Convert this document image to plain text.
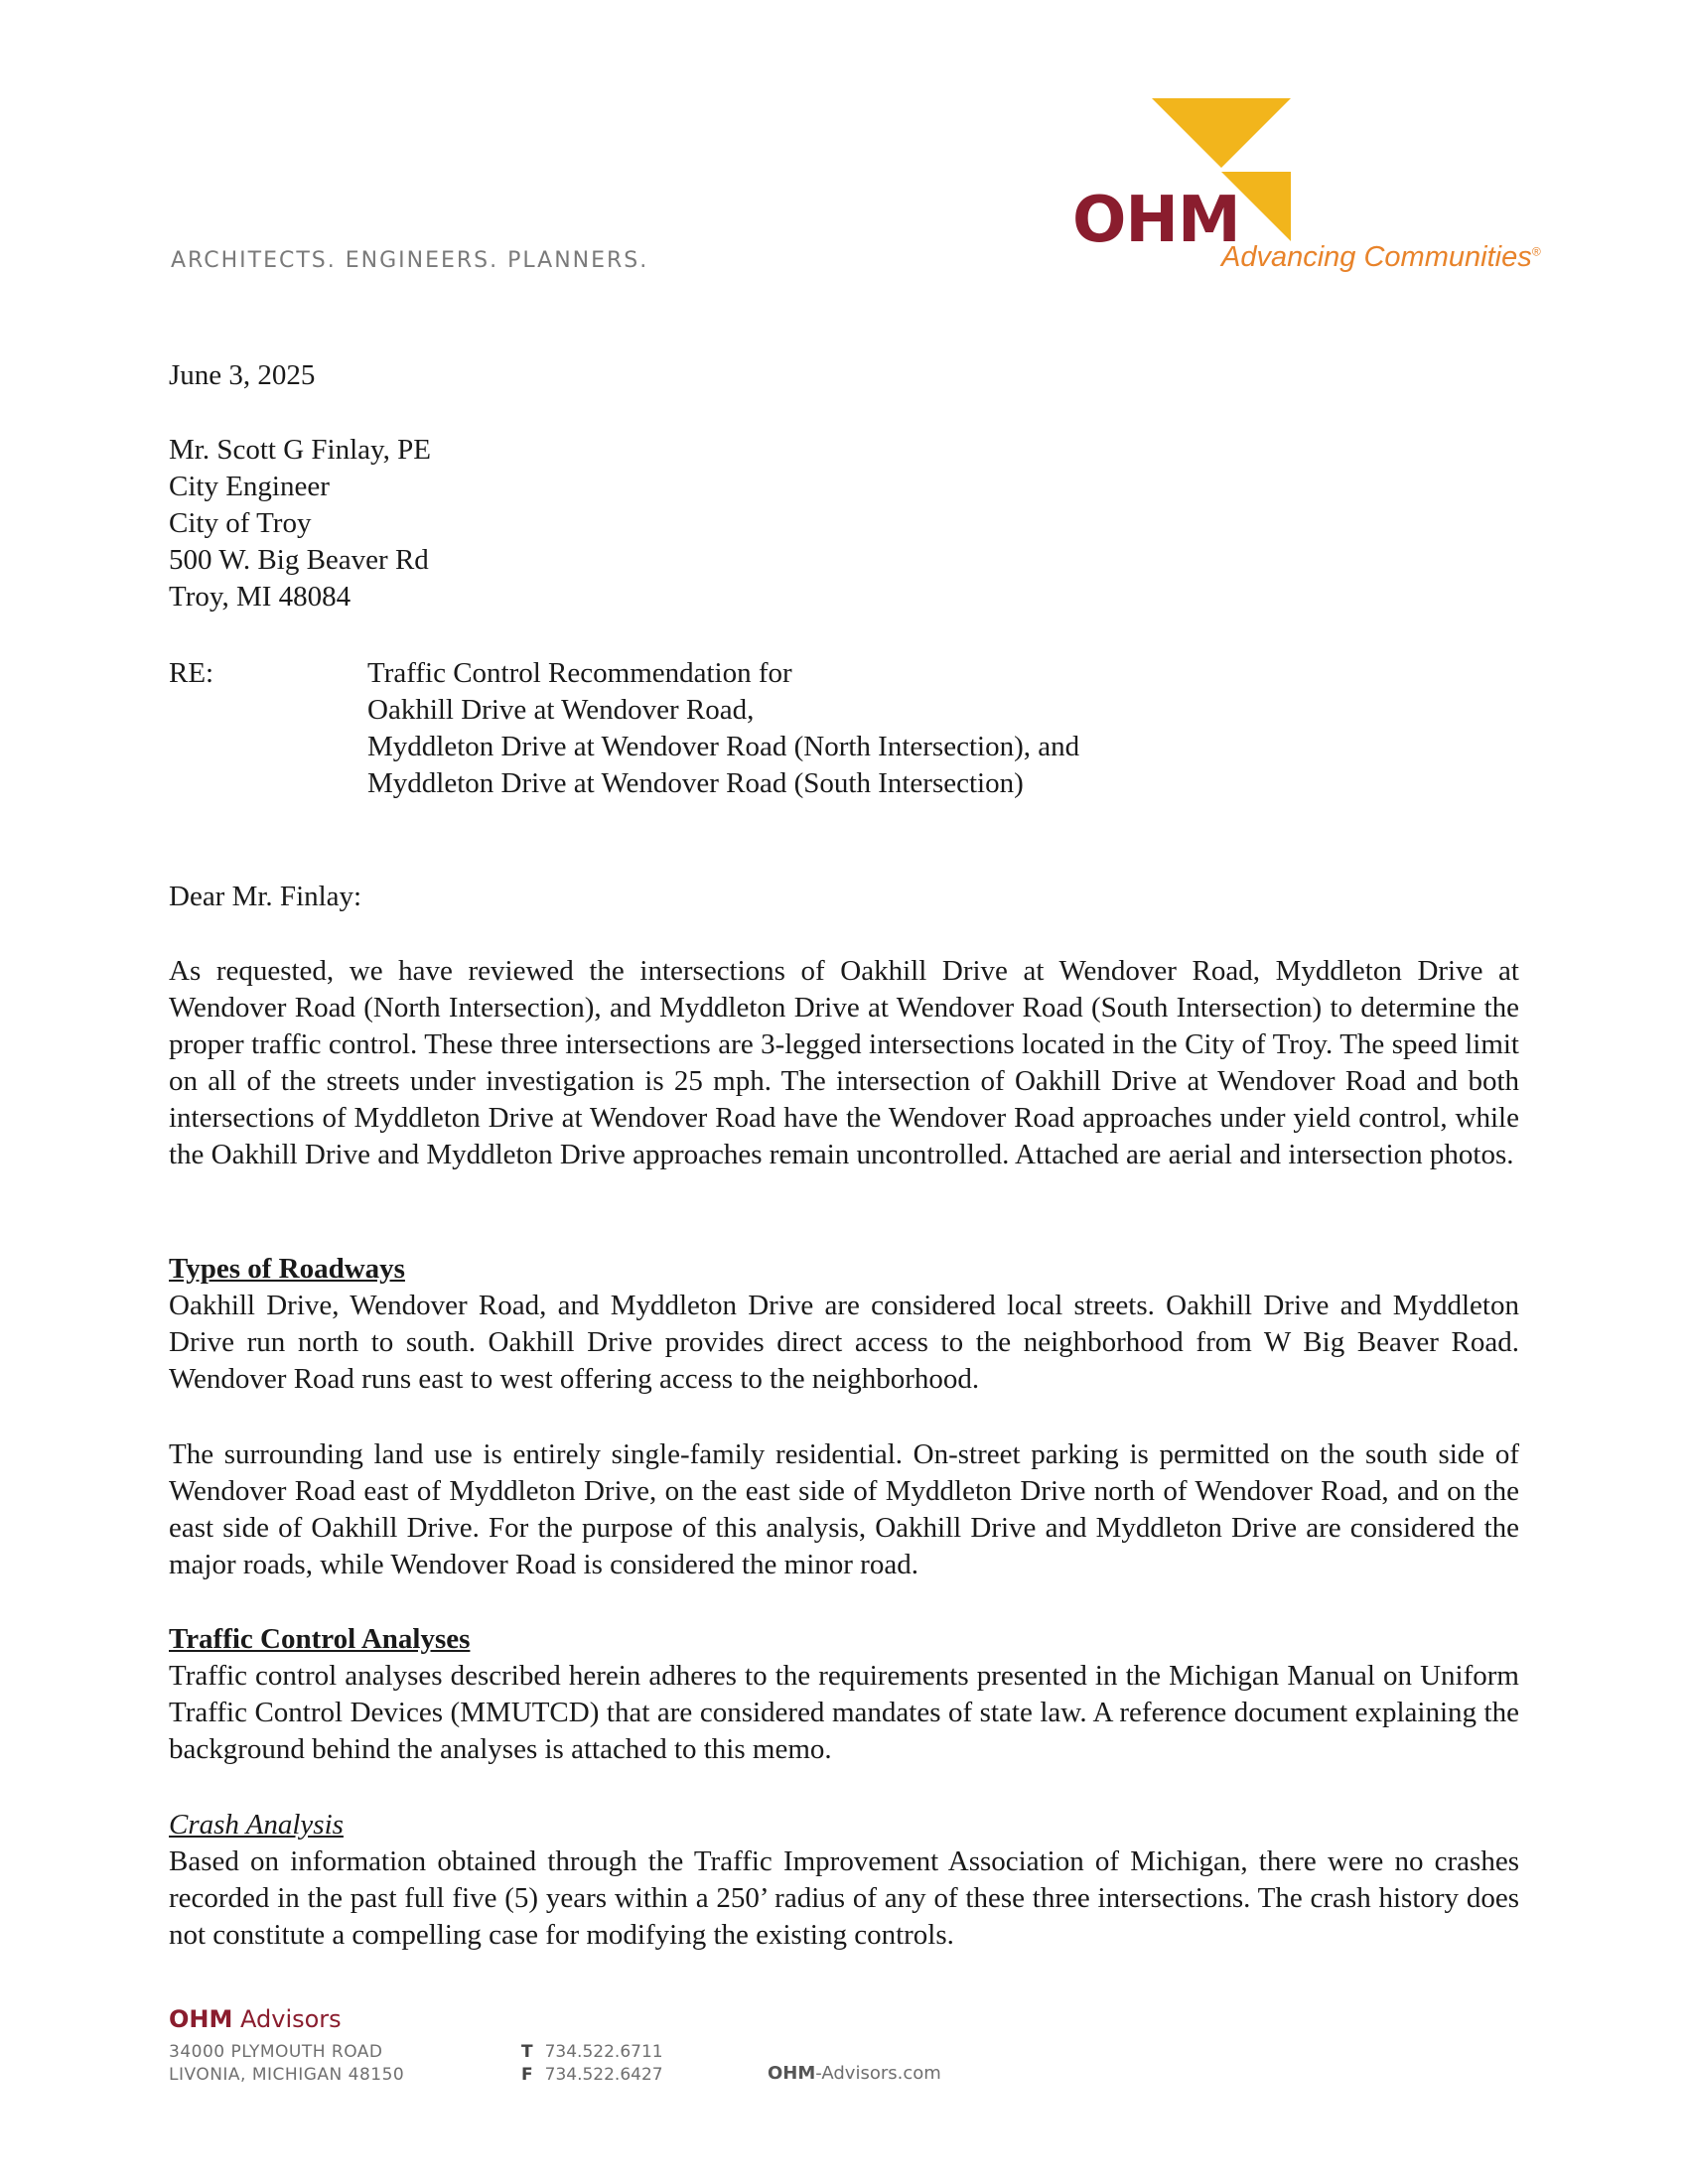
ARCHITECTS. ENGINEERS. PLANNERS.
OHM
Advancing Communities®
June 3, 2025
Mr. Scott G Finlay, PE
City Engineer
City of Troy
500 W. Big Beaver Rd
Troy, MI 48084
RE:	Traffic Control Recommendation for
Oakhill Drive at Wendover Road,
Myddleton Drive at Wendover Road (North Intersection), and
Myddleton Drive at Wendover Road (South Intersection)
Dear Mr. Finlay:
As requested, we have reviewed the intersections of Oakhill Drive at Wendover Road, Myddleton Drive at Wendover Road (North Intersection), and Myddleton Drive at Wendover Road (South Intersection) to determine the proper traffic control. These three intersections are 3-legged intersections located in the City of Troy. The speed limit on all of the streets under investigation is 25 mph. The intersection of Oakhill Drive at Wendover Road and both intersections of Myddleton Drive at Wendover Road have the Wendover Road approaches under yield control, while the Oakhill Drive and Myddleton Drive approaches remain uncontrolled. Attached are aerial and intersection photos.
Types of Roadways
Oakhill Drive, Wendover Road, and Myddleton Drive are considered local streets. Oakhill Drive and Myddleton Drive run north to south. Oakhill Drive provides direct access to the neighborhood from W Big Beaver Road. Wendover Road runs east to west offering access to the neighborhood.
The surrounding land use is entirely single-family residential. On-street parking is permitted on the south side of Wendover Road east of Myddleton Drive, on the east side of Myddleton Drive north of Wendover Road, and on the east side of Oakhill Drive. For the purpose of this analysis, Oakhill Drive and Myddleton Drive are considered the major roads, while Wendover Road is considered the minor road.
Traffic Control Analyses
Traffic control analyses described herein adheres to the requirements presented in the Michigan Manual on Uniform Traffic Control Devices (MMUTCD) that are considered mandates of state law. A reference document explaining the background behind the analyses is attached to this memo.
Crash Analysis
Based on information obtained through the Traffic Improvement Association of Michigan, there were no crashes recorded in the past full five (5) years within a 250’ radius of any of these three intersections. The crash history does not constitute a compelling case for modifying the existing controls.
OHM Advisors
34000 PLYMOUTH ROAD
LIVONIA, MICHIGAN 48150
T 734.522.6711
F 734.522.6427	OHM-Advisors.com
